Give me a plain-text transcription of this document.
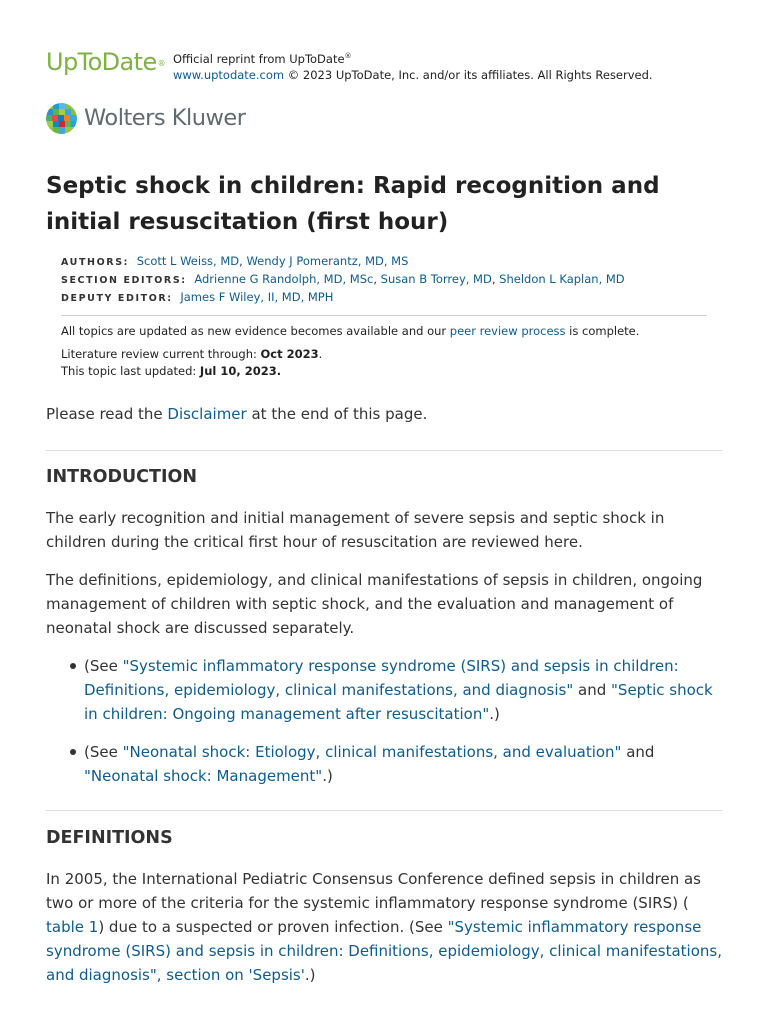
UpToDate® Official reprint from UpToDate®
www.uptodate.com © 2023 UpToDate, Inc. and/or its affiliates. All Rights Reserved.
Wolters Kluwer
Septic shock in children: Rapid recognition and initial resuscitation (first hour)
AUTHORS: Scott L Weiss, MD, Wendy J Pomerantz, MD, MS
SECTION EDITORS: Adrienne G Randolph, MD, MSc, Susan B Torrey, MD, Sheldon L Kaplan, MD
DEPUTY EDITOR: James F Wiley, II, MD, MPH
All topics are updated as new evidence becomes available and our peer review process is complete.
Literature review current through: Oct 2023.
This topic last updated: Jul 10, 2023.

Please read the Disclaimer at the end of this page.

INTRODUCTION

The early recognition and initial management of severe sepsis and septic shock in children during the critical first hour of resuscitation are reviewed here.

The definitions, epidemiology, and clinical manifestations of sepsis in children, ongoing management of children with septic shock, and the evaluation and management of neonatal shock are discussed separately.

(See "Systemic inflammatory response syndrome (SIRS) and sepsis in children: Definitions, epidemiology, clinical manifestations, and diagnosis" and "Septic shock in children: Ongoing management after resuscitation".)

(See "Neonatal shock: Etiology, clinical manifestations, and evaluation" and "Neonatal shock: Management".)

DEFINITIONS

In 2005, the International Pediatric Consensus Conference defined sepsis in children as two or more of the criteria for the systemic inflammatory response syndrome (SIRS) (table 1) due to a suspected or proven infection. (See "Systemic inflammatory response syndrome (SIRS) and sepsis in children: Definitions, epidemiology, clinical manifestations, and diagnosis", section on 'Sepsis'.)
